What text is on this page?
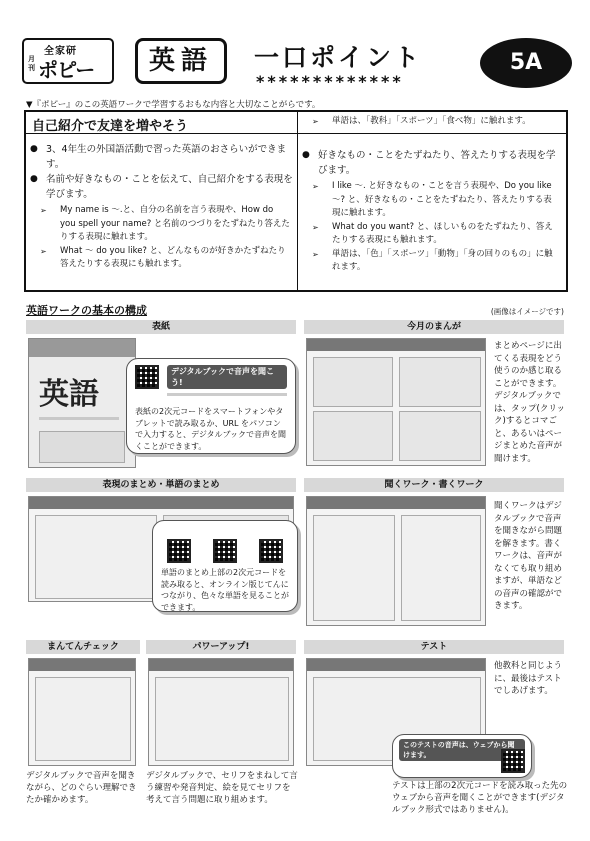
全家研
月刊 ポピー	英語	一口ポイント
*************
5A
▼『ポピー』のこの英語ワークで学習するおもな内容と大切なことがらです。
自己紹介で友達を増やそう
● 3、4年生の外国語活動で習った英語のおさらいができます。
● 名前や好きなもの・ことを伝えて、自己紹介をする表現を学びます。
➢ My name is ～.と、自分の名前を言う表現や、How do you spell your name? と名前のつづりをたずねたり答えたりする表現に触れます。
➢ What ～ do you like? と、どんなものが好きかたずねたり答えたりする表現にも触れます。
➢ 単語は、「教科」「スポーツ」「食べ物」に触れます。
● 好きなもの・ことをたずねたり、答えたりする表現を学びます。
➢ I like ～. と好きなもの・ことを言う表現や、Do you like ～? と、好きなもの・ことをたずねたり、答えたりする表現に触れます。
➢ What do you want? と、ほしいものをたずねたり、答えたりする表現にも触れます。
➢ 単語は、「色」「スポーツ」「動物」「身の回りのもの」に触れます。
英語ワークの基本の構成	(画像はイメージです)
表紙	今月のまんが
英語
デジタルブックで音声を聞こう!
表紙の2次元コードをスマートフォンやタブレットで読み取るか、URL をパソコンで入力すると、デジタルブックで音声を聞くことができます。
まとめページに出てくる表現をどう使うのか感じ取ることができます。デジタルブックでは、タップ(クリック)するとコマごと、あるいはページまとめた音声が聞けます。
表現のまとめ・単語のまとめ	聞くワーク・書くワーク
単語のまとめ上部の2次元コードを読み取ると、オンライン版じてんにつながり、色々な単語を見ることができます。
聞くワークはデジタルブックで音声を聞きながら問題を解きます。書くワークは、音声がなくても取り組めますが、単語などの音声の確認ができます。
まんてんチェック	パワーアップ!	テスト
デジタルブックで音声を聞きながら、どのぐらい理解できたか確かめます。
デジタルブックで、セリフをまねして言う練習や発音判定、絵を見てセリフを考えて言う問題に取り組めます。
このテストの音声は、ウェブから聞けます。
他教科と同じように、最後はテストでしあげます。
テストは上部の2次元コードを読み取った先のウェブから音声を聞くことができます(デジタルブック形式ではありません)。
